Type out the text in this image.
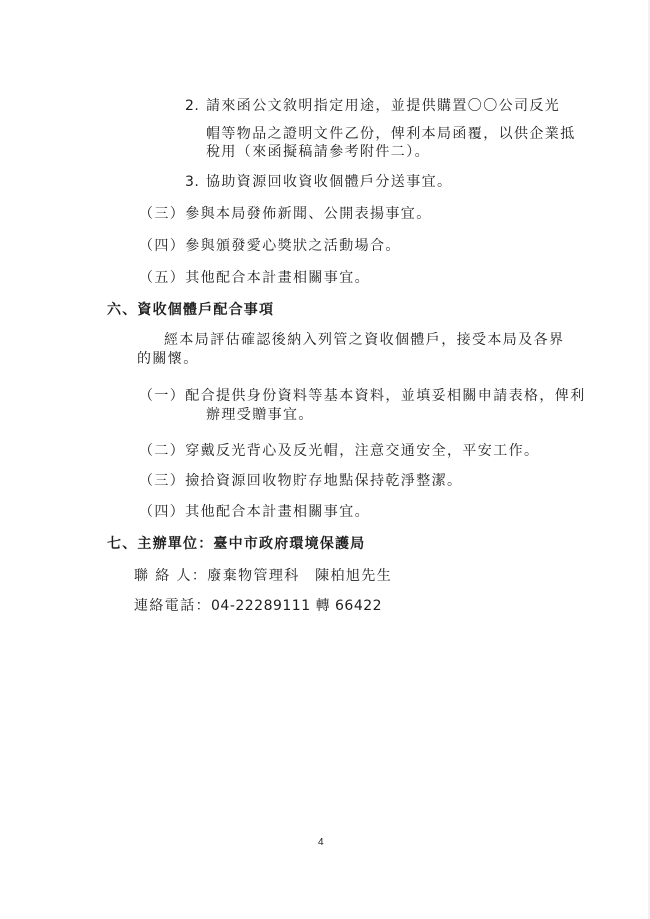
2. 請來函公文敘明指定用途，並提供購置〇〇公司反光
帽等物品之證明文件乙份，俾利本局函覆，以供企業抵
稅用（來函擬稿請參考附件二）。
3. 協助資源回收資收個體戶分送事宜。
（三）參與本局發佈新聞、公開表揚事宜。
（四）參與頒發愛心獎狀之活動場合。
（五）其他配合本計畫相關事宜。
六、資收個體戶配合事項
經本局評估確認後納入列管之資收個體戶，接受本局及各界
的關懷。
（一）配合提供身份資料等基本資料，並填妥相關申請表格，俾利
辦理受贈事宜。
（二）穿戴反光背心及反光帽，注意交通安全，平安工作。
（三）撿拾資源回收物貯存地點保持乾淨整潔。
（四）其他配合本計畫相關事宜。
七、主辦單位：臺中市政府環境保護局
聯 絡 人：廢棄物管理科　陳柏旭先生
連絡電話：04-22289111 轉 66422
4
